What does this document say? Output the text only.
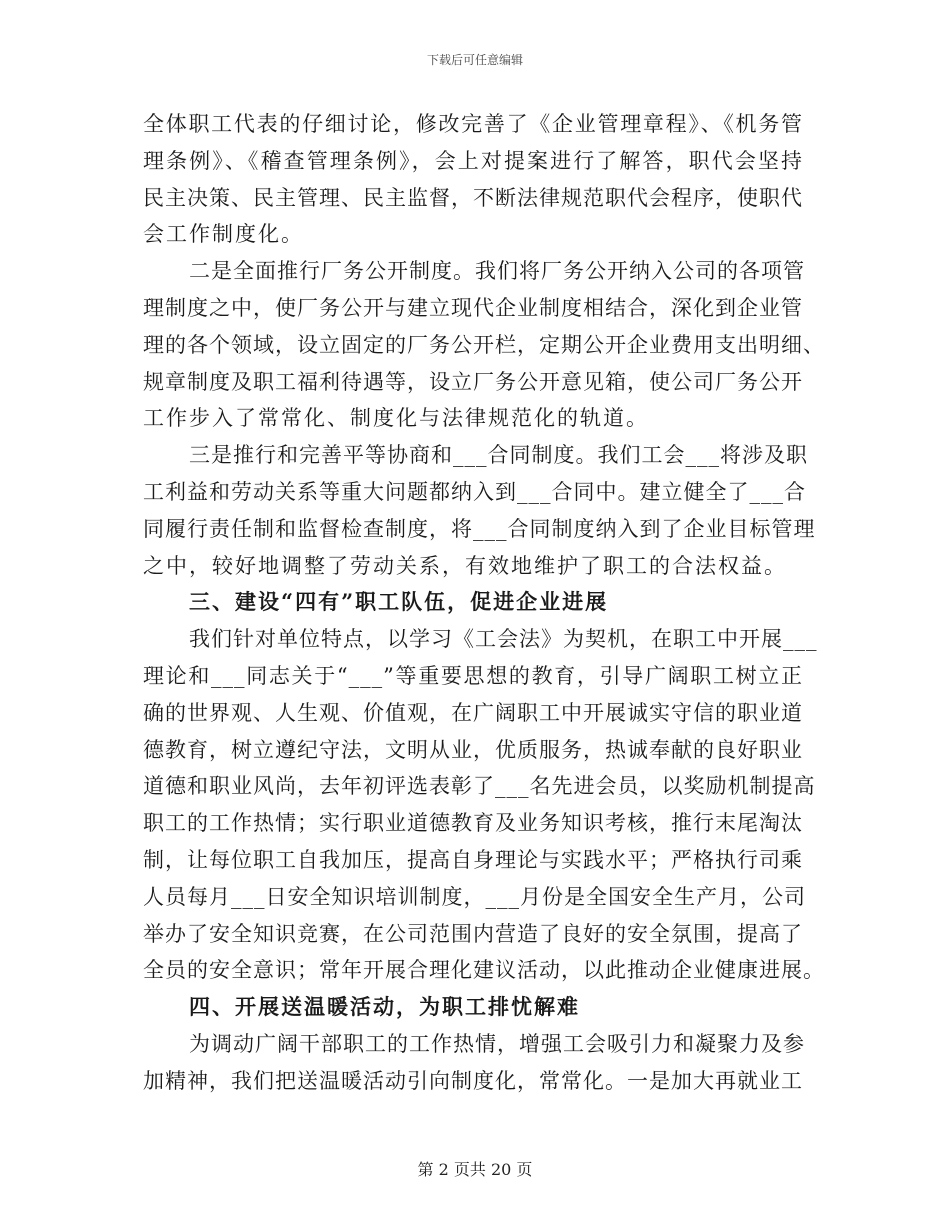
下载后可任意编辑
全体职工代表的仔细讨论，修改完善了《企业管理章程》、《机务管
理条例》、《稽查管理条例》，会上对提案进行了解答，职代会坚持
民主决策、民主管理、民主监督，不断法律规范职代会程序，使职代
会工作制度化。
二是全面推行厂务公开制度。我们将厂务公开纳入公司的各项管
理制度之中，使厂务公开与建立现代企业制度相结合，深化到企业管
理的各个领域，设立固定的厂务公开栏，定期公开企业费用支出明细、
规章制度及职工福利待遇等，设立厂务公开意见箱，使公司厂务公开
工作步入了常常化、制度化与法律规范化的轨道。
三是推行和完善平等协商和___合同制度。我们工会___将涉及职
工利益和劳动关系等重大问题都纳入到___合同中。建立健全了___合
同履行责任制和监督检查制度，将___合同制度纳入到了企业目标管理
之中，较好地调整了劳动关系，有效地维护了职工的合法权益。
三、建设“四有”职工队伍，促进企业进展
我们针对单位特点，以学习《工会法》为契机，在职工中开展___
理论和___同志关于“___”等重要思想的教育，引导广阔职工树立正
确的世界观、人生观、价值观，在广阔职工中开展诚实守信的职业道
德教育，树立遵纪守法，文明从业，优质服务，热诚奉献的良好职业
道德和职业风尚，去年初评选表彰了___名先进会员，以奖励机制提高
职工的工作热情；实行职业道德教育及业务知识考核，推行末尾淘汰
制，让每位职工自我加压，提高自身理论与实践水平；严格执行司乘
人员每月___日安全知识培训制度，___月份是全国安全生产月，公司
举办了安全知识竞赛，在公司范围内营造了良好的安全氛围，提高了
全员的安全意识；常年开展合理化建议活动，以此推动企业健康进展。
四、开展送温暖活动，为职工排忧解难
为调动广阔干部职工的工作热情，增强工会吸引力和凝聚力及参
加精神，我们把送温暖活动引向制度化，常常化。一是加大再就业工
第 2 页共 20 页
